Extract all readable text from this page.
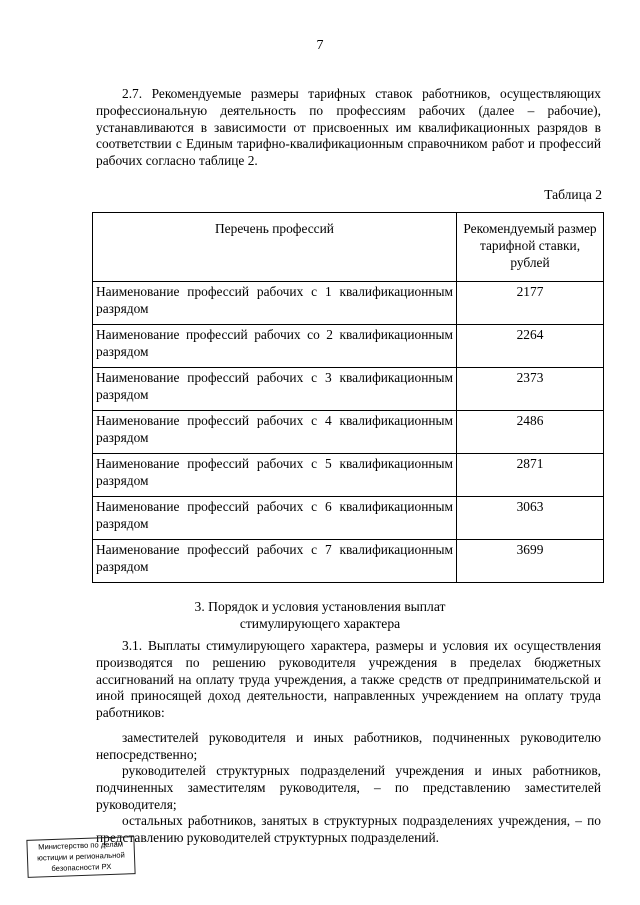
7

2.7. Рекомендуемые размеры тарифных ставок работников, осуществляющих профессиональную деятельность по профессиям рабочих (далее – рабочие), устанавливаются в зависимости от присвоенных им квалификационных разрядов в соответствии с Единым тарифно-квалификационным справочником работ и профессий рабочих согласно таблице 2.

Таблица 2
Перечень профессий	Рекомендуемый размер тарифной ставки, рублей
Наименование профессий рабочих с 1 квалификационным разрядом	2177
Наименование профессий рабочих со 2 квалификационным разрядом	2264
Наименование профессий рабочих с 3 квалификационным разрядом	2373
Наименование профессий рабочих с 4 квалификационным разрядом	2486
Наименование профессий рабочих с 5 квалификационным разрядом	2871
Наименование профессий рабочих с 6 квалификационным разрядом	3063
Наименование профессий рабочих с 7 квалификационным разрядом	3699
3. Порядок и условия установления выплат
стимулирующего характера

3.1. Выплаты стимулирующего характера, размеры и условия их осуществления производятся по решению руководителя учреждения в пределах бюджетных ассигнований на оплату труда учреждения, а также средств от предпринимательской и иной приносящей доход деятельности, направленных учреждением на оплату труда работников:

заместителей руководителя и иных работников, подчиненных руководителю непосредственно;

руководителей структурных подразделений учреждения и иных работников, подчиненных заместителям руководителя, – по представлению заместителей руководителя;

остальных работников, занятых в структурных подразделениях учреждения, – по представлению руководителей структурных подразделений.

Министерство по делам
юстиции и региональной
безопасности РХ
